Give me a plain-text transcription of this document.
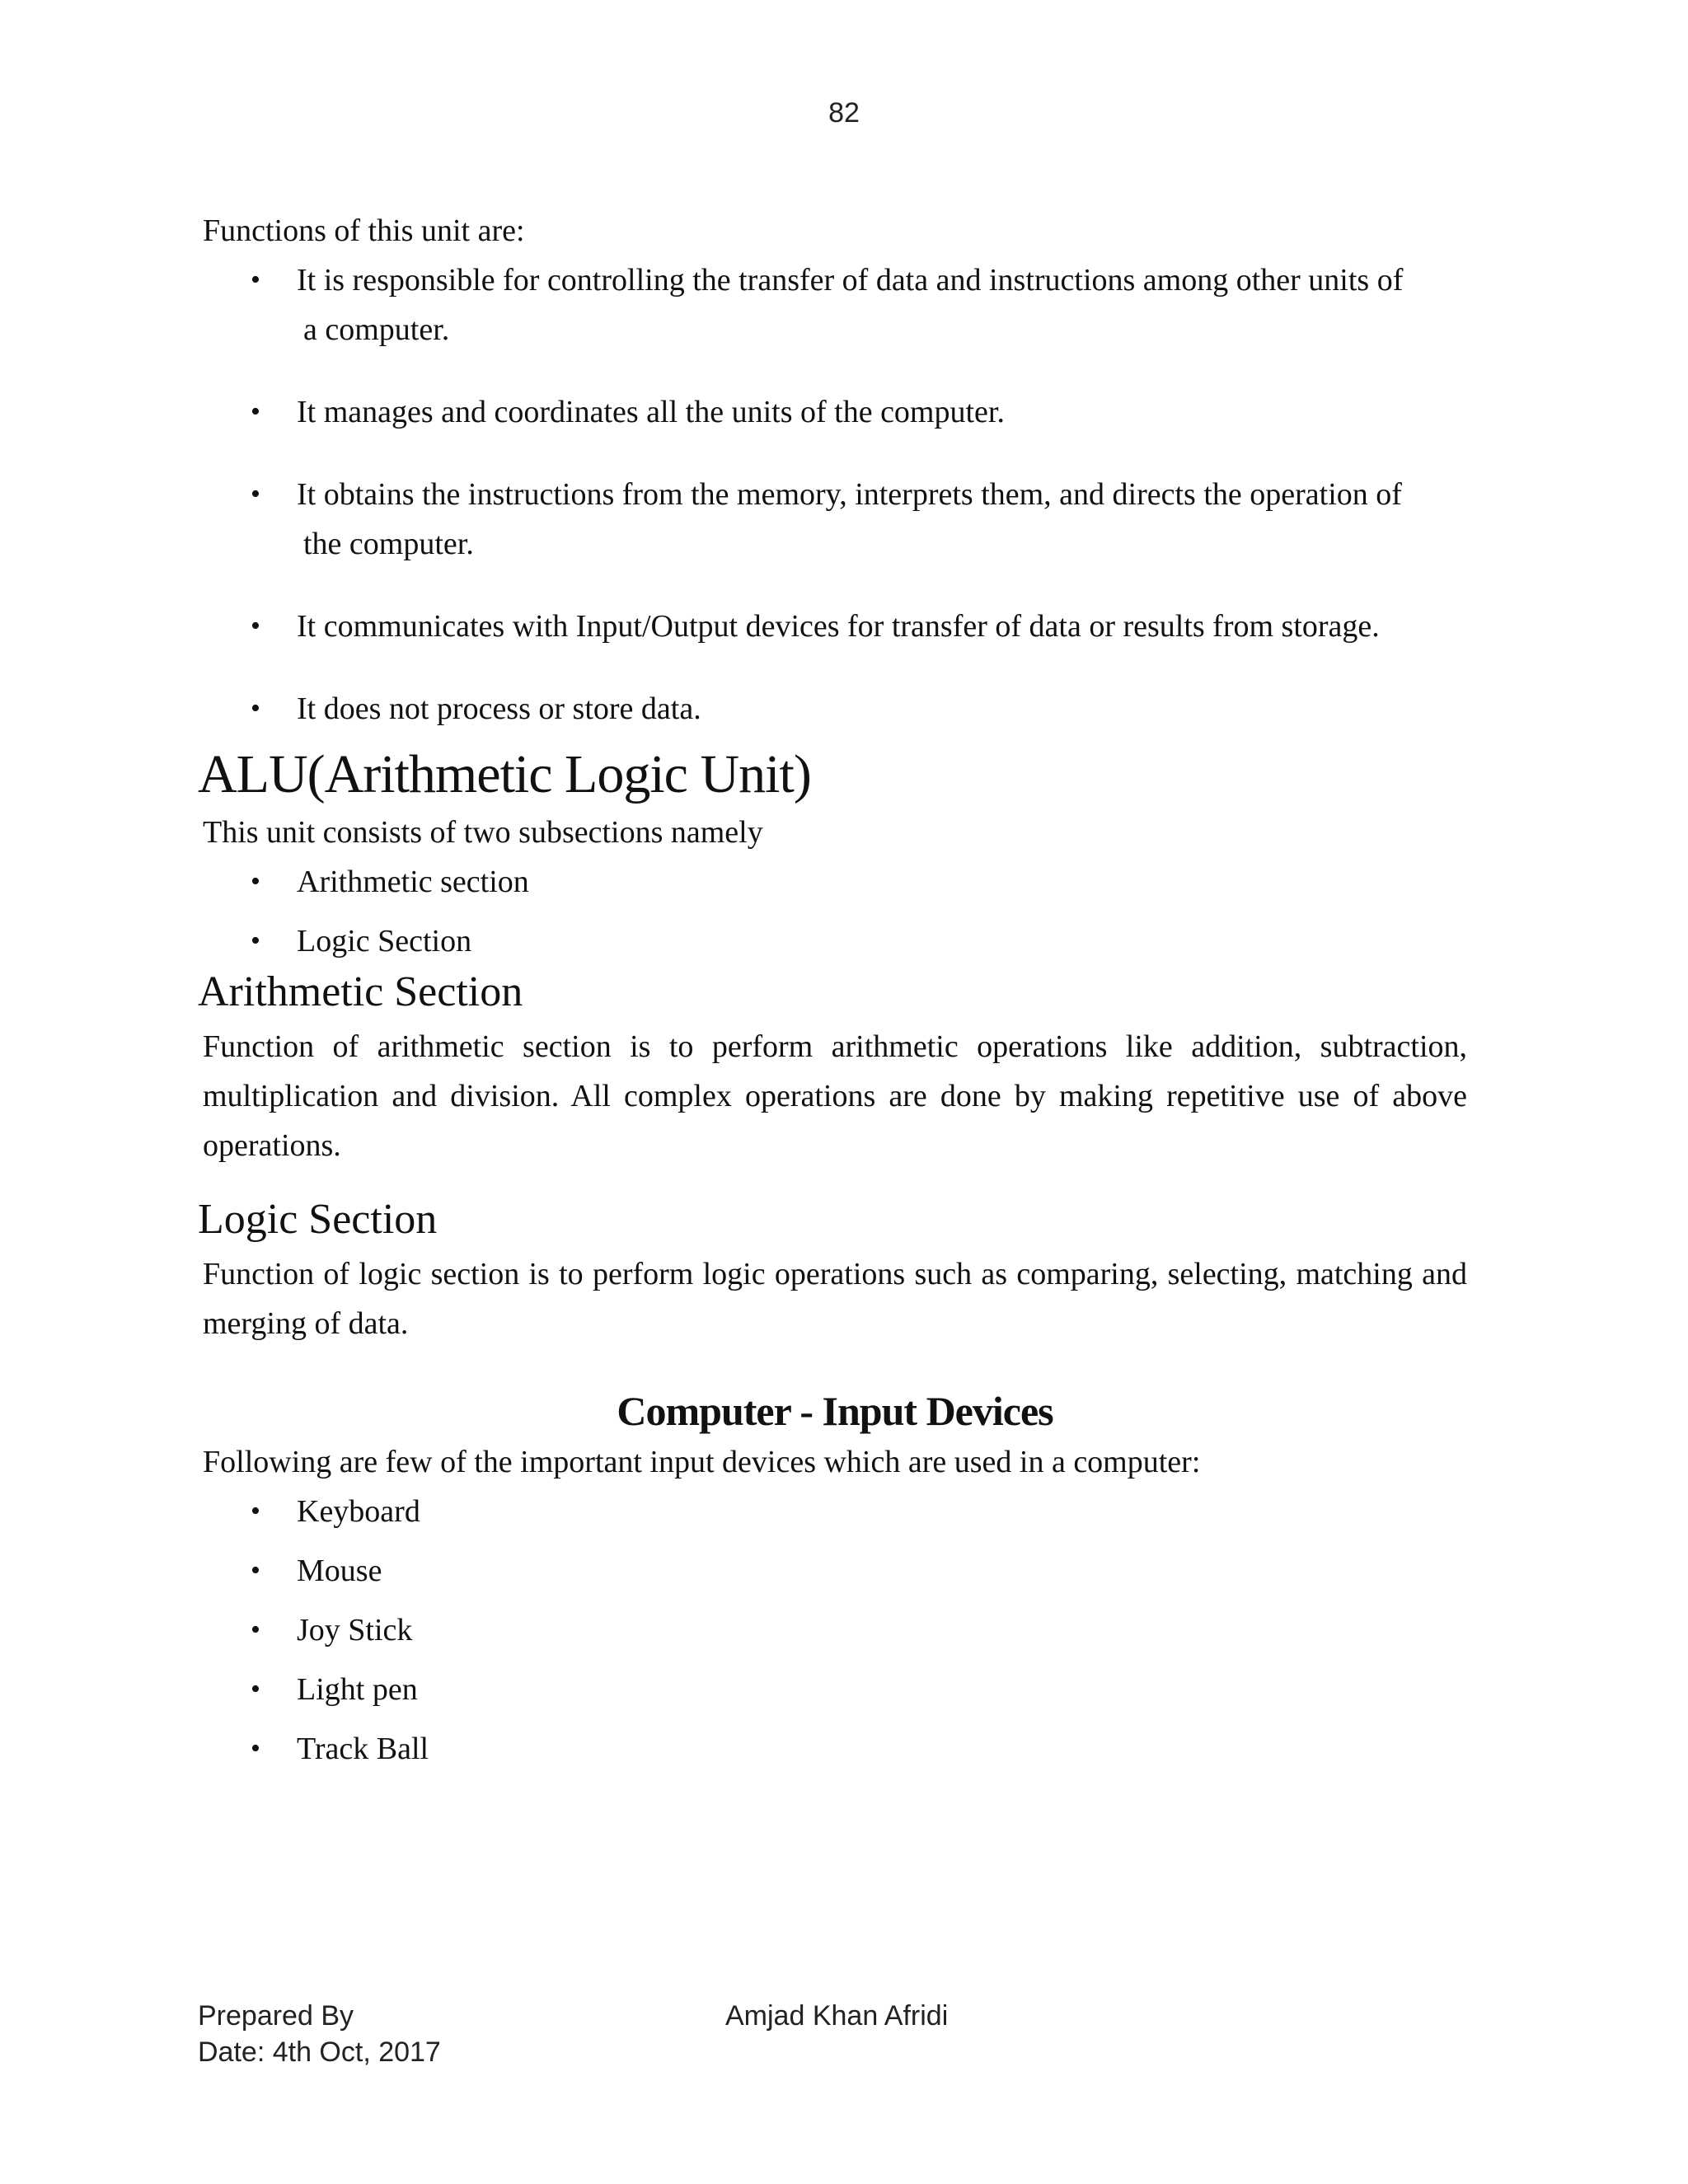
82

Functions of this unit are:

• It is responsible for controlling the transfer of data and instructions among other units of
a computer.
• It manages and coordinates all the units of the computer.
• It obtains the instructions from the memory, interprets them, and directs the operation of
the computer.
• It communicates with Input/Output devices for transfer of data or results from storage.
• It does not process or store data.
ALU(Arithmetic Logic Unit)

This unit consists of two subsections namely

• Arithmetic section
• Logic Section
Arithmetic Section

Function of arithmetic section is to perform arithmetic operations like addition, subtraction, multiplication and division. All complex operations are done by making repetitive use of above operations.

Logic Section

Function of logic section is to perform logic operations such as comparing, selecting, matching and merging of data.

Computer - Input Devices

Following are few of the important input devices which are used in a computer:

• Keyboard
• Mouse
• Joy Stick
• Light pen
• Track Ball
Prepared By
Date: 4th Oct, 2017
Amjad Khan Afridi
